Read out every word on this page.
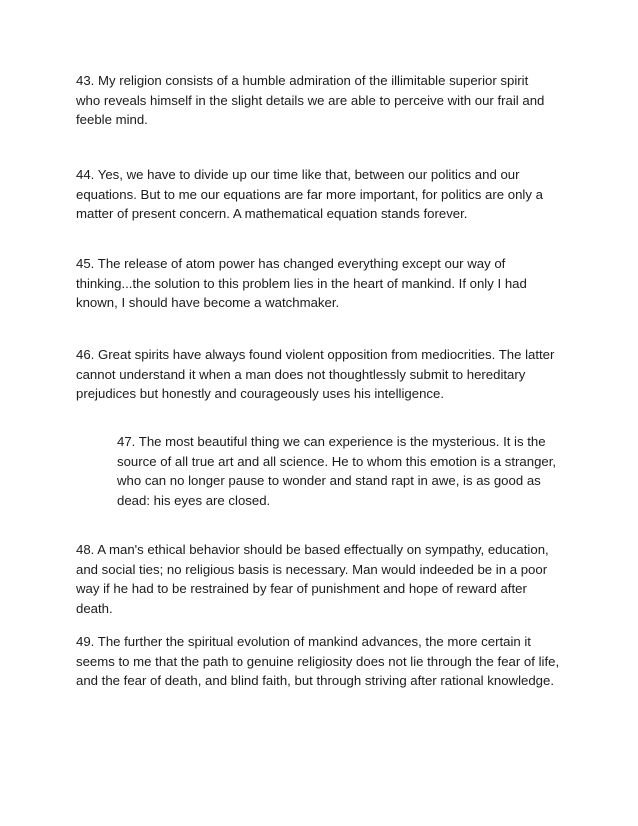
43. My religion consists of a humble admiration of the illimitable superior spirit who reveals himself in the slight details we are able to perceive with our frail and feeble mind.

44. Yes, we have to divide up our time like that, between our politics and our equations. But to me our equations are far more important, for politics are only a matter of present concern. A mathematical equation stands forever.

45. The release of atom power has changed everything except our way of thinking...the solution to this problem lies in the heart of mankind. If only I had known, I should have become a watchmaker.

46. Great spirits have always found violent opposition from mediocrities. The latter cannot understand it when a man does not thoughtlessly submit to hereditary prejudices but honestly and courageously uses his intelligence.

47. The most beautiful thing we can experience is the mysterious. It is the source of all true art and all science. He to whom this emotion is a stranger, who can no longer pause to wonder and stand rapt in awe, is as good as dead: his eyes are closed.

48. A man's ethical behavior should be based effectually on sympathy, education, and social ties; no religious basis is necessary. Man would indeeded be in a poor way if he had to be restrained by fear of punishment and hope of reward after death.

49. The further the spiritual evolution of mankind advances, the more certain it seems to me that the path to genuine religiosity does not lie through the fear of life, and the fear of death, and blind faith, but through striving after rational knowledge.
